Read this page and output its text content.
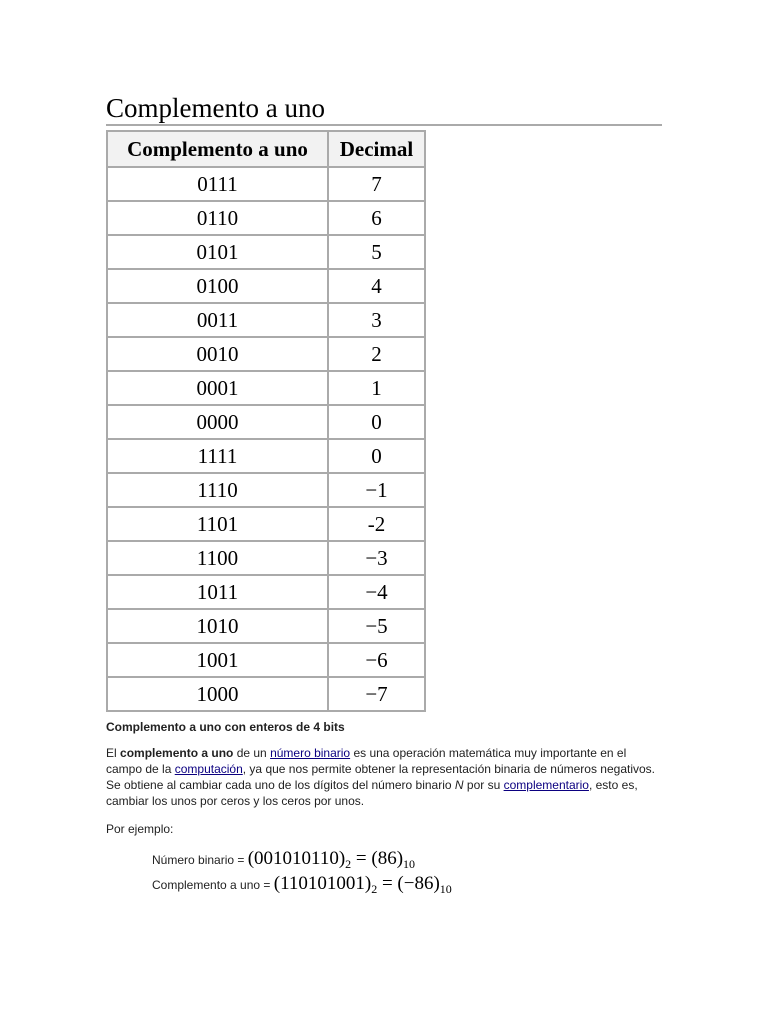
Complemento a uno
Complemento a uno	Decimal
0111	7
0110	6
0101	5
0100	4
0011	3
0010	2
0001	1
0000	0
1111	0
1110	−1
1101	-2
1100	−3
1011	−4
1010	−5
1001	−6
1000	−7
Complemento a uno con enteros de 4 bits

El complemento a uno de un número binario es una operación matemática muy importante en el campo de la computación, ya que nos permite obtener la representación binaria de números negativos. Se obtiene al cambiar cada uno de los dígitos del número binario N por su complementario, esto es, cambiar los unos por ceros y los ceros por unos.

Por ejemplo:
Número binario = $(001010110)_2 = (86)_{10}$
Complemento a uno = $(110101001)_2 = (-86)_{10}$
